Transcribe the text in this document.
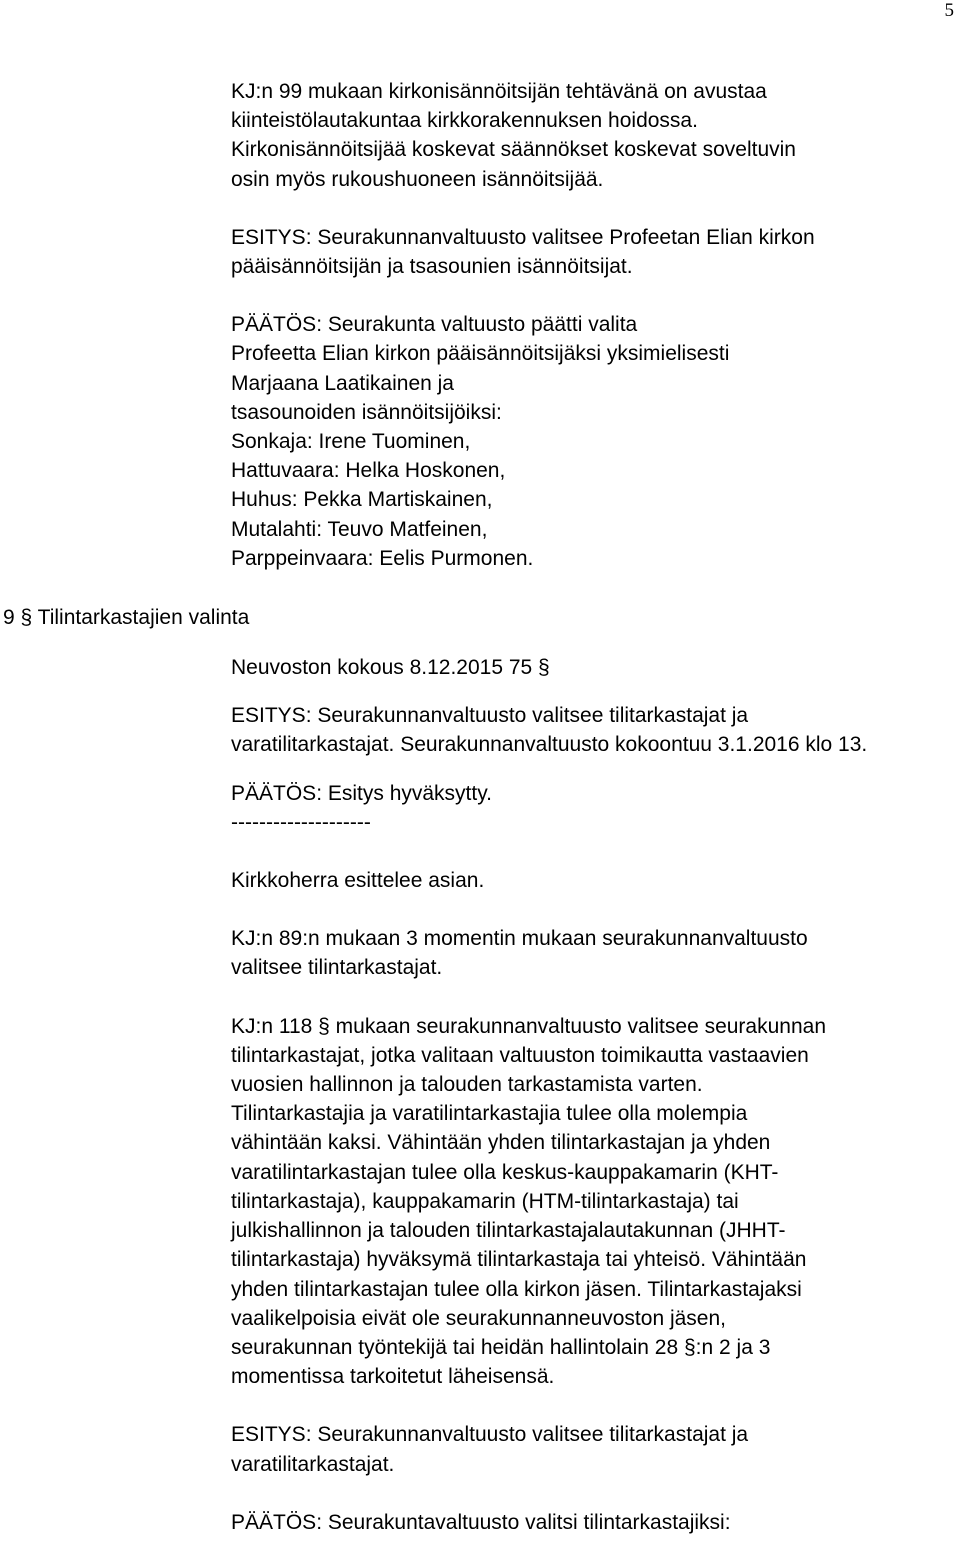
5
9 § Tilintarkastajien valinta

KJ:n 99 mukaan kirkonisännöitsijän tehtävänä on avustaa
kiinteistölautakuntaa kirkkorakennuksen hoidossa.
Kirkonisännöitsijää koskevat säännökset koskevat soveltuvin
osin myös rukoushuoneen isännöitsijää.

ESITYS: Seurakunnanvaltuusto valitsee Profeetan Elian kirkon
pääisännöitsijän ja tsasounien isännöitsijat.

PÄÄTÖS: Seurakunta valtuusto päätti valita
Profeetta Elian kirkon pääisännöitsijäksi yksimielisesti
Marjaana Laatikainen ja
tsasounoiden isännöitsijöiksi:
Sonkaja: Irene Tuominen,
Hattuvaara: Helka Hoskonen,
Huhus: Pekka Martiskainen,
Mutalahti: Teuvo Matfeinen,
Parppeinvaara: Eelis Purmonen.

Neuvoston kokous 8.12.2015 75 §

ESITYS: Seurakunnanvaltuusto valitsee tilitarkastajat ja
varatilitarkastajat. Seurakunnanvaltuusto kokoontuu 3.1.2016 klo 13.

PÄÄTÖS: Esitys hyväksytty.
--------------------

Kirkkoherra esittelee asian.

KJ:n 89:n mukaan 3 momentin mukaan seurakunnanvaltuusto
valitsee tilintarkastajat.

KJ:n 118 § mukaan seurakunnanvaltuusto valitsee seurakunnan
tilintarkastajat, jotka valitaan valtuuston toimikautta vastaavien
vuosien hallinnon ja talouden tarkastamista varten.
Tilintarkastajia ja varatilintarkastajia tulee olla molempia
vähintään kaksi. Vähintään yhden tilintarkastajan ja yhden
varatilintarkastajan tulee olla keskus-kauppakamarin (KHT-
tilintarkastaja), kauppakamarin (HTM-tilintarkastaja) tai
julkishallinnon ja talouden tilintarkastajalautakunnan (JHHT-
tilintarkastaja) hyväksymä tilintarkastaja tai yhteisö. Vähintään
yhden tilintarkastajan tulee olla kirkon jäsen. Tilintarkastajaksi
vaalikelpoisia eivät ole seurakunnanneuvoston jäsen,
seurakunnan työntekijä tai heidän hallintolain 28 §:n 2 ja 3
momentissa tarkoitetut läheisensä.

ESITYS: Seurakunnanvaltuusto valitsee tilitarkastajat ja
varatilitarkastajat.

PÄÄTÖS: Seurakuntavaltuusto valitsi tilintarkastajiksi:
